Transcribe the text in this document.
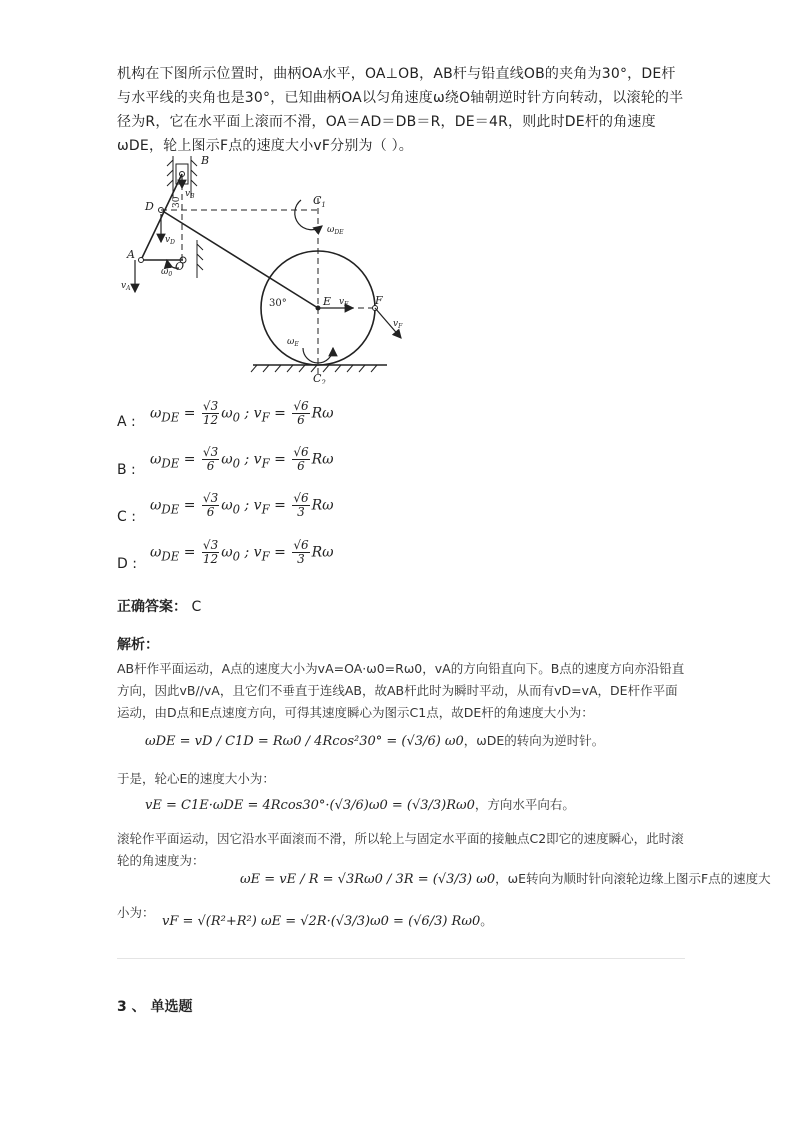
机构在下图所示位置时，曲柄OA水平，OA⊥OB，AB杆与铅直线OB的夹角为30°，DE杆与水平线的夹角也是30°，已知曲柄OA以匀角速度ω绕O轴朝逆时针方向转动，以滚轮的半径为R，它在水平面上滚而不滑，OA＝AD＝DB＝R，DE＝4R，则此时DE杆的角速度ωDE，轮上图示F点的速度大小vF分别为（ ）。
B
$v_B$
D 30
$v_D$
A
O
$v_A$
$\omega_0$
$C_1$
$\omega_{DE}$
30°	E $v_E$ F
$v_F$
$\omega_E$
$C_2$
A :
$\omega_{DE} = \frac{√3}{12} \omega_0$ ; $v_F = \frac{√6}{6}$ Rω
B :
$\omega_{DE} = \frac{√3}{6} \omega_0$ ; $v_F = \frac{√6}{6}$ Rω
C :
$\omega_{DE} = \frac{√3}{6} \omega_0$ ; $v_F = \frac{√6}{3}$ Rω
D :
$\omega_{DE} = \frac{√3}{12} \omega_0$ ; $v_F = \frac{√6}{3}$ Rω
正确答案： C
解析：
AB杆作平面运动，A点的速度大小为vA=OA·ω0=Rω0，vA的方向铅直向下。B点的速度方向亦沿铅直方向，因此vB//vA，且它们不垂直于连线AB，故AB杆此时为瞬时平动，从而有vD=vA，DE杆作平面运动，由D点和E点速度方向，可得其速度瞬心为图示C1点，故DE杆的角速度大小为：
ωDE = vD / C1D = Rω0 / 4Rcos²30° = (√3/6) ω0，ωDE的转向为逆时针。
于是，轮心E的速度大小为：
vE = C1E·ωDE = 4Rcos30°·(√3/6)ω0 = (√3/3)Rω0，方向水平向右。
滚轮作平面运动，因它沿水平面滚而不滑，所以轮上与固定水平面的接触点C2即它的速度瞬心，此时滚轮的角速度为：
ωE = vE / R = √3Rω0 / 3R = (√3/3) ω0，ωE转向为顺时针向滚轮边缘上图示F点的速度大
小为：
vF = √(R²+R²) ωE = √2R·(√3/3)ω0 = (√6/3) Rω0。
3 、 单选题
